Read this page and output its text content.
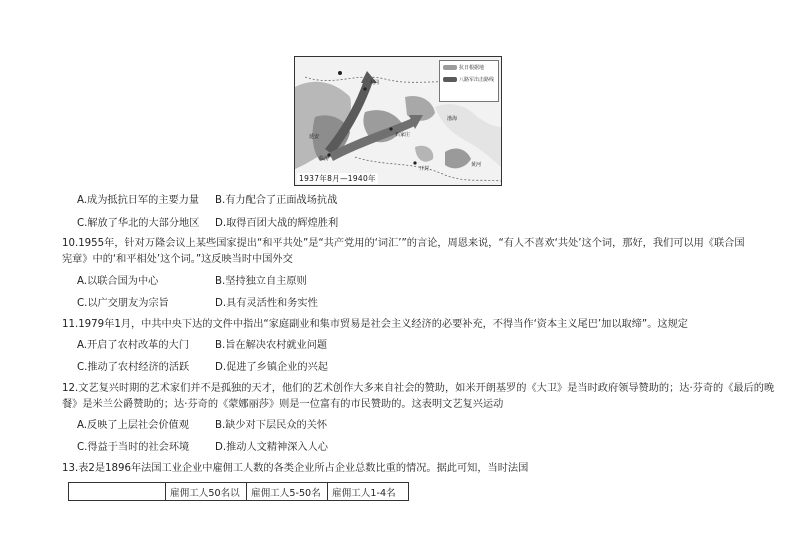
抗日根据地
八路军出击路线
大同
石家庄
延安
黄河
渤海
开封
临汾
1937年8月—1940年
A.成为抵抗日军的主要力量 B.有力配合了正面战场抗战
C.解放了华北的大部分地区 D.取得百团大战的辉煌胜利
10.1955年，针对万隆会议上某些国家提出“和平共处”是“共产党用的‘词汇’”的言论，周恩来说，“有人不喜欢‘共处’这个词，那好，我们可以用《联合国
宪章》中的‘和平相处’这个词。”这反映当时中国外交
A.以联合国为中心	B.坚持独立自主原则
C.以广交朋友为宗旨	D.具有灵活性和务实性
11.1979年1月，中共中央下达的文件中指出“家庭副业和集市贸易是社会主义经济的必要补充，不得当作‘资本主义尾巴’加以取缔”。这规定
A.开启了农村改革的大门	B.旨在解决农村就业问题
C.推动了农村经济的活跃	D.促进了乡镇企业的兴起
12.文艺复兴时期的艺术家们并不是孤独的天才，他们的艺术创作大多来自社会的赞助，如米开朗基罗的《大卫》是当时政府领导赞助的；达·芬奇的《最后的晚
餐》是米兰公爵赞助的；达·芬奇的《蒙娜丽莎》则是一位富有的市民赞助的。这表明文艺复兴运动
A.反映了上层社会价值观	B.缺少对下层民众的关怀
C.得益于当时的社会环境	D.推动人文精神深入人心
13.表2是1896年法国工业企业中雇佣工人数的各类企业所占企业总数比重的情况。据此可知，当时法国
	雇佣工人50名以	雇佣工人5-50名	雇佣工人1-4名
